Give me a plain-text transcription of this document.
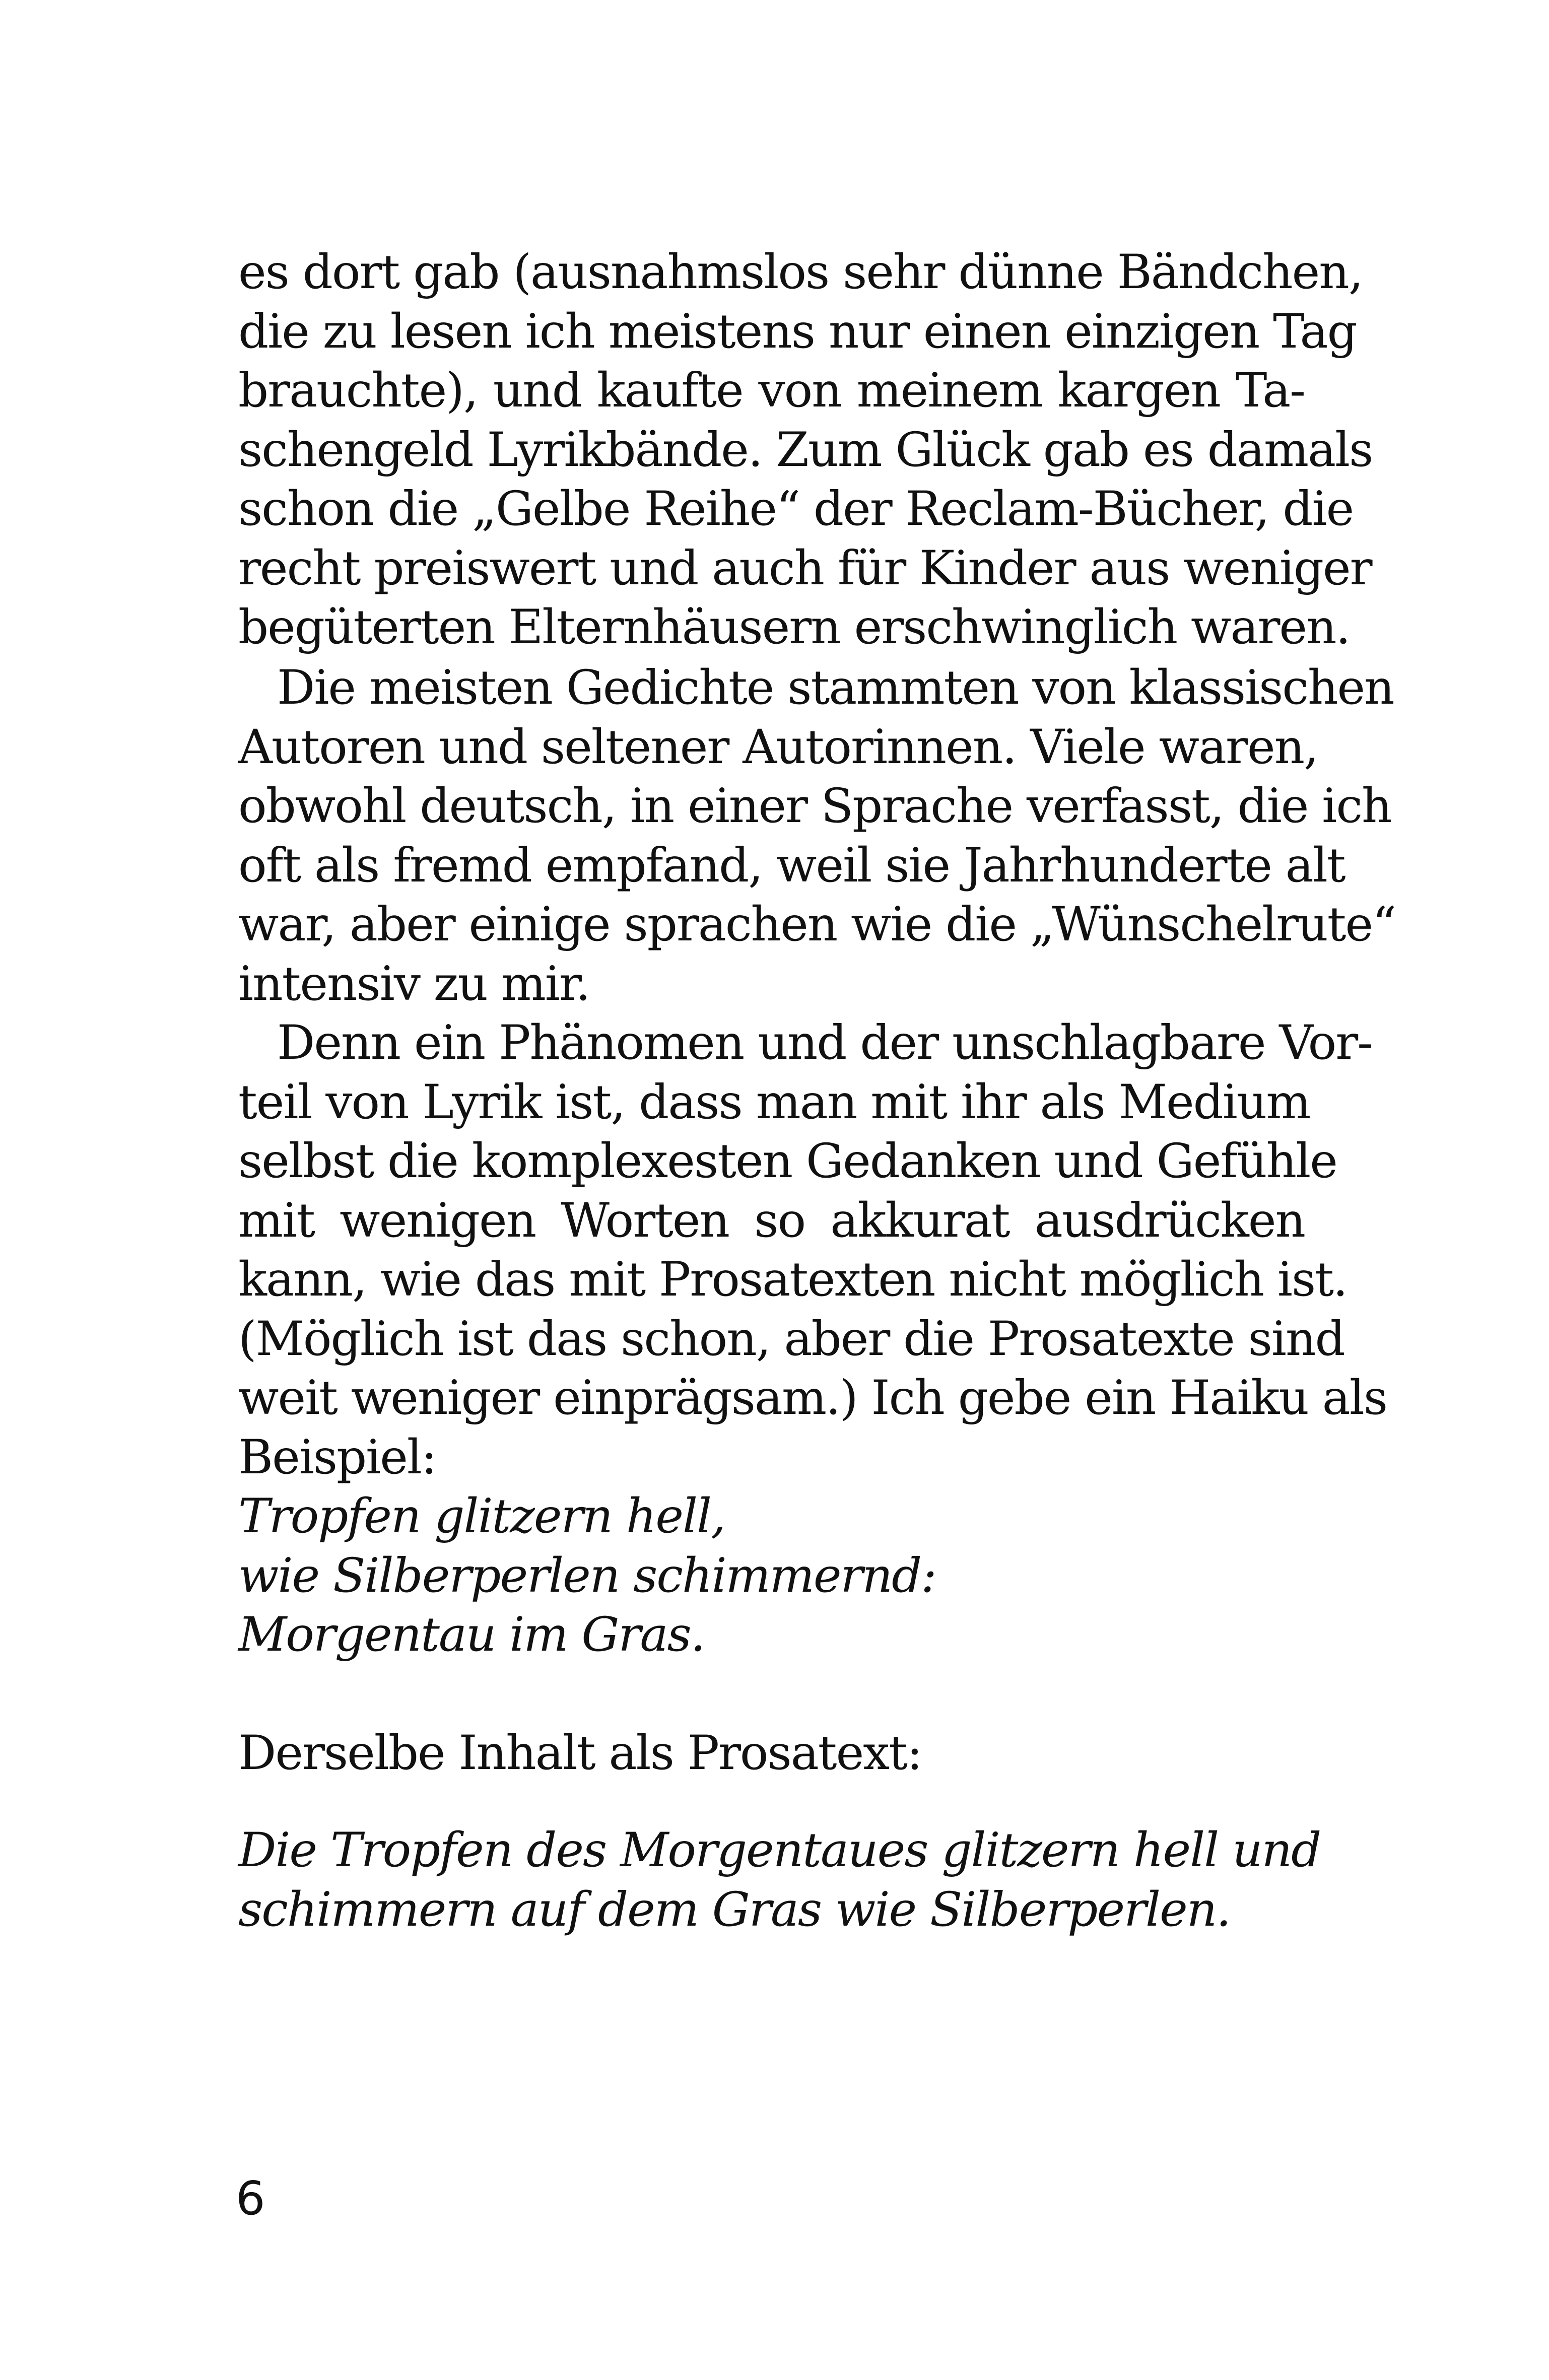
es dort gab (ausnahmslos sehr dünne Bändchen,
die zu lesen ich meistens nur einen einzigen Tag
brauchte), und kaufte von meinem kargen Ta-
schengeld Lyrikbände. Zum Glück gab es damals
schon die „Gelbe Reihe“ der Reclam-Bücher, die
recht preiswert und auch für Kinder aus weniger
begüterten Elternhäusern erschwinglich waren.
Die meisten Gedichte stammten von klassischen
Autoren und seltener Autorinnen. Viele waren,
obwohl deutsch, in einer Sprache verfasst, die ich
oft als fremd empfand, weil sie Jahrhunderte alt
war, aber einige sprachen wie die „Wünschelrute“
intensiv zu mir.
Denn ein Phänomen und der unschlagbare Vor-
teil von Lyrik ist, dass man mit ihr als Medium
selbst die komplexesten Gedanken und Gefühle
mit wenigen Worten so akkurat ausdrücken
kann, wie das mit Prosatexten nicht möglich ist.
(Möglich ist das schon, aber die Prosatexte sind
weit weniger einprägsam.) Ich gebe ein Haiku als
Beispiel:
Tropfen glitzern hell,
wie Silberperlen schimmernd:
Morgentau im Gras.
Derselbe Inhalt als Prosatext:
Die Tropfen des Morgentaues glitzern hell und
schimmern auf dem Gras wie Silberperlen.
6
